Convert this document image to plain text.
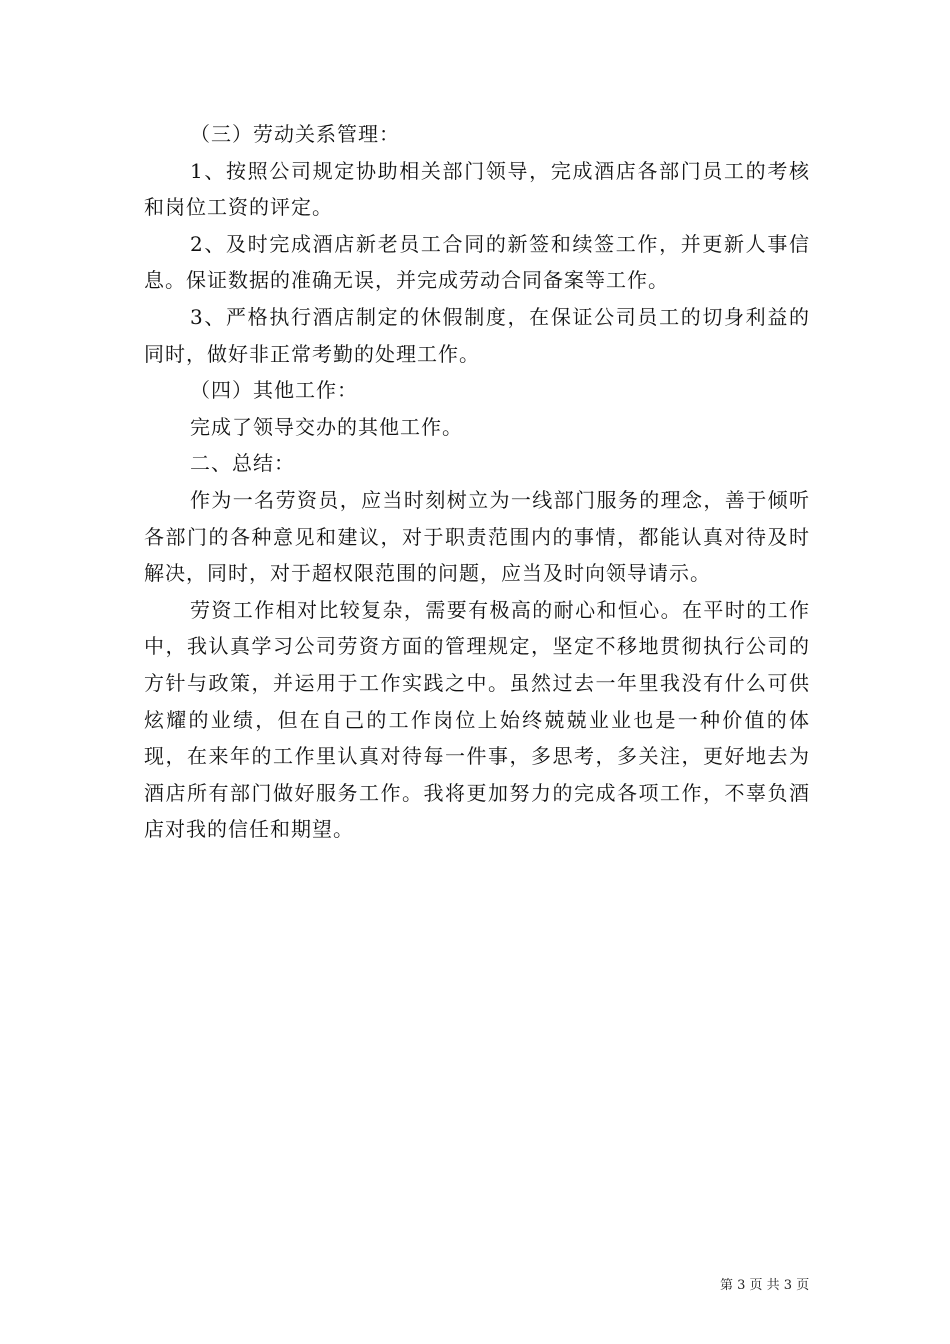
（三）劳动关系管理：

1、按照公司规定协助相关部门领导，完成酒店各部门员工的考核和岗位工资的评定。

2、及时完成酒店新老员工合同的新签和续签工作，并更新人事信息。保证数据的准确无误，并完成劳动合同备案等工作。

3、严格执行酒店制定的休假制度，在保证公司员工的切身利益的同时，做好非正常考勤的处理工作。

（四）其他工作：

完成了领导交办的其他工作。

二、总结：

作为一名劳资员，应当时刻树立为一线部门服务的理念，善于倾听各部门的各种意见和建议，对于职责范围内的事情，都能认真对待及时解决，同时，对于超权限范围的问题，应当及时向领导请示。

劳资工作相对比较复杂，需要有极高的耐心和恒心。在平时的工作中，我认真学习公司劳资方面的管理规定，坚定不移地贯彻执行公司的方针与政策，并运用于工作实践之中。虽然过去一年里我没有什么可供炫耀的业绩，但在自己的工作岗位上始终兢兢业业也是一种价值的体现，在来年的工作里认真对待每一件事，多思考，多关注，更好地去为酒店所有部门做好服务工作。我将更加努力的完成各项工作，不辜负酒店对我的信任和期望。

第 3 页 共 3 页
